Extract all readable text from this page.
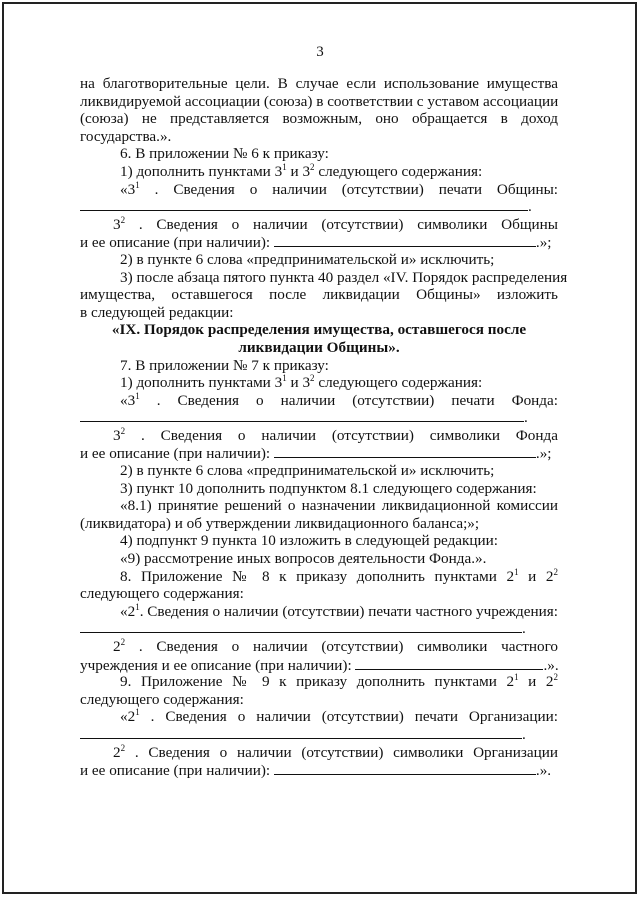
3
на благотворительные цели. В случае если использование имущества
ликвидируемой ассоциации (союза) в соответствии с уставом ассоциации
(союза) не представляется возможным, оно обращается в доход
государства.».
6. В приложении № 6 к приказу:
1) дополнить пунктами $3^1$ и $3^2$ следующего содержания:
«$3^1$ . Сведения о наличии (отсутствии) печати Общины:
.
$3^2$ . Сведения о наличии (отсутствии) символики Общины
и ее описание (при наличии):	.»;
2) в пункте 6 слова «предпринимательской и» исключить;
3) после абзаца пятого пункта 40 раздел «IV. Порядок распределения
имущества, оставшегося после ликвидации Общины» изложить
в следующей редакции:
«IX. Порядок распределения имущества, оставшегося после
ликвидации Общины».
7. В приложении № 7 к приказу:
1) дополнить пунктами $3^1$ и $3^2$ следующего содержания:
«$3^1$ . Сведения о наличии (отсутствии) печати Фонда:
.
$3^2$ . Сведения о наличии (отсутствии) символики Фонда
и ее описание (при наличии):	.»;
2) в пункте 6 слова «предпринимательской и» исключить;
3) пункт 10 дополнить подпунктом 8.1 следующего содержания:
«8.1) принятие решений о назначении ликвидационной комиссии
(ликвидатора) и об утверждении ликвидационного баланса;»;
4) подпункт 9 пункта 10 изложить в следующей редакции:
«9) рассмотрение иных вопросов деятельности Фонда.».
8. Приложение № 8 к приказу дополнить пунктами $2^1$ и $2^2$
следующего содержания:
«$2^1$. Сведения о наличии (отсутствии) печати частного учреждения:
.
$2^2$ . Сведения о наличии (отсутствии) символики частного
учреждения и ее описание (при наличии):	.».
9. Приложение № 9 к приказу дополнить пунктами $2^1$ и $2^2$
следующего содержания:
«$2^1$ . Сведения о наличии (отсутствии) печати Организации:
.
$2^2$ . Сведения о наличии (отсутствии) символики Организации
и ее описание (при наличии):	.».
